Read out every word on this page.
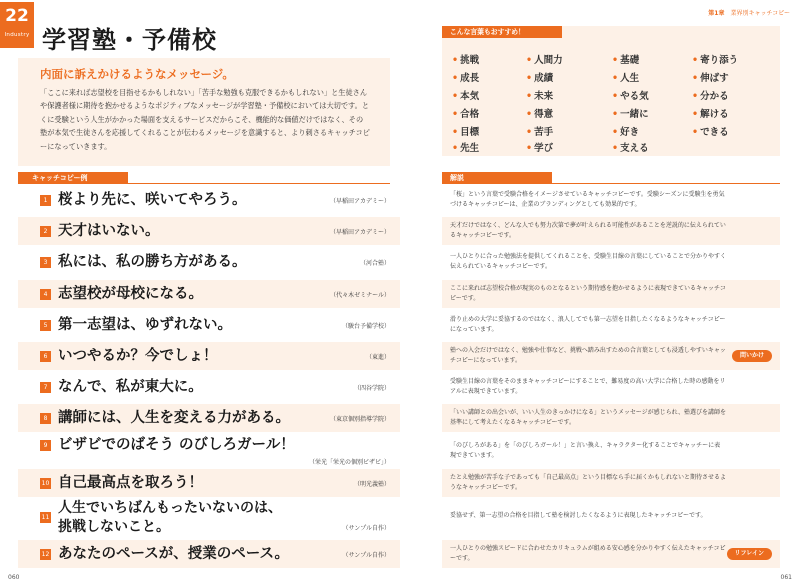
22
Industry 学習塾・予備校
内面に訴えかけるようなメッセージ。
「ここに来れば志望校を目指せるかもしれない」「苦手な勉強も克服できるかもしれない」と生徒さんや保護者様に期待を抱かせるようなポジティブなメッセージが学習塾・予備校においては大切です。とくに受験という人生がかかった場面を支えるサービスだからこそ、機能的な価値だけではなく、その塾が本気で生徒さんを応援してくれることが伝わるメッセージを意識すると、より刺さるキャッチコピーになっていきます。
キャッチコピー例
1 桜より先に、咲いてやろう。	（早稲田アカデミー）
2 天才はいない。	（早稲田アカデミー）
3 私には、私の勝ち方がある。	（河合塾）
4 志望校が母校になる。	（代々木ゼミナール）
5 第一志望は、ゆずれない。	（駿台予備学校）
6 いつやるか？今でしょ！	（東進）
7 なんで、私が東大に。	（四谷学院）
8 講師には、人生を変える力がある。	（東京個別指導学院）
9 ビザビでのばそう のびしろガール！
（栄光「栄光の個別ビザビ」）
10 自己最高点を取ろう！	（明光義塾）
11
人生でいちばんもったいないのは、
挑戦しないこと。	（サンプル自作）
12 あなたのペースが、授業のペース。	（サンプル自作）
060
第1章 業界別キャッチコピー
こんな言葉もおすすめ！
• 挑戦	• 人間力	• 基礎	• 寄り添う
• 成長	• 成績	• 人生	• 伸ばす
• 本気	• 未来	• やる気	• 分かる
• 合格	• 得意	• 一緒に	• 解ける
• 目標	• 苦手	• 好き	• できる
• 先生	• 学び	• 支える
解説
「桜」という言葉で受験合格をイメージさせているキャッチコピーです。受験シーズンに受験生を勇気づけるキャッチコピーは、企業のブランディングとしても効果的です。
天才だけではなく、どんな人でも努力次第で夢が叶えられる可能性があることを逆説的に伝えられているキャッチコピーです。
一人ひとりに合った勉強法を提供してくれることを、受験生目線の言葉にしていることで分かりやすく伝えられているキャッチコピーです。
ここに来れば志望校合格が現実のものとなるという期待感を抱かせるように表現できているキャッチコピーです。
滑り止めの大学に妥協するのではなく、浪人してでも第一志望を目指したくなるようなキャッチコピーになっています。
塾への入会だけではなく、勉強や仕事など、挑戦へ踏み出すための合言葉としても浸透しやすいキャッチコピーになっています。
問いかけ
受験生目線の言葉をそのままキャッチコピーにすることで、難易度の高い大学に合格した時の感動をリアルに表現できています。
「いい講師との出会いが、いい人生のきっかけになる」というメッセージが感じられ、塾選びを講師を基準にして考えたくなるキャッチコピーです。
「のびしろがある」を「のびしろガール！」と言い換え、キャラクター化することでキャッチーに表現できています。
たとえ勉強が苦手な子であっても「自己最高点」という目標なら手に届くかもしれないと期待させるようなキャッチコピーです。
妥協せず、第一志望の合格を目指して塾を検討したくなるように表現したキャッチコピーです。
一人ひとりの勉強スピードに合わせたカリキュラムが組める安心感を分かりやすく伝えたキャッチコピーです。
リフレイン
061
